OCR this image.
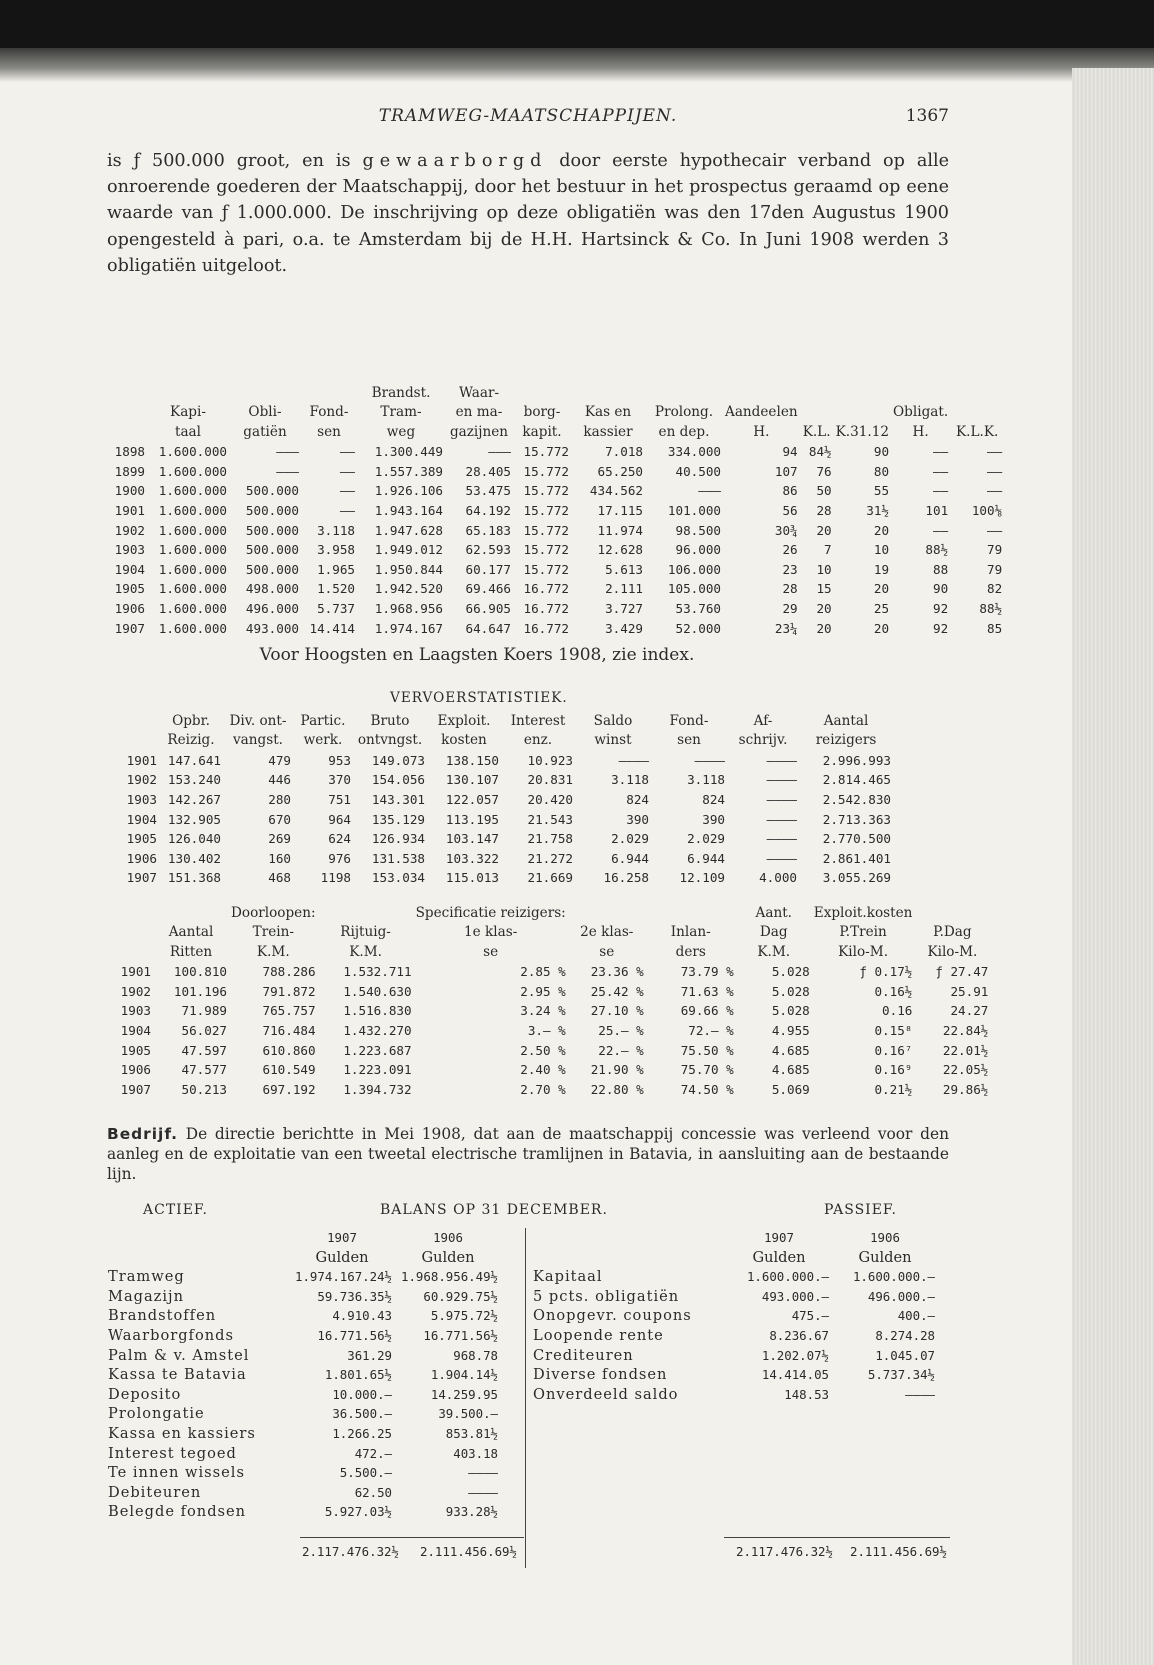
TRAMWEG-MAATSCHAPPIJEN.	1367
is ƒ 500.000 groot, en is gewaarborgd door eerste hypothecair verband op alle onroerende goederen der Maatschappij, door het bestuur in het prospectus geraamd op eene waarde van ƒ 1.000.000. De inschrijving op deze obligatiën was den 17den Augustus 1900 opengesteld à pari, o.a. te Amsterdam bij de H.H. Hartsinck & Co. In Juni 1908 werden 3 obligatiën uitgeloot.
				Brandst.	Waar-								
	Kapi-	Obli-	Fond-	Tram-	en ma-	borg-	Kas en	Prolong.	Aandeelen			Obligat.	
	taal	gatiën	sen	weg	gazijnen	kapit.	kassier	en dep.	H.	K.L.	K.31.12	H.	K.L.K.
1898	1.600.000	———	——	1.300.449	———	15.772	7.018	334.000	94	84½	90	——	——
1899	1.600.000	———	——	1.557.389	28.405	15.772	65.250	40.500	107	76	80	——	——
1900	1.600.000	500.000	——	1.926.106	53.475	15.772	434.562	———	86	50	55	——	——
1901	1.600.000	500.000	——	1.943.164	64.192	15.772	17.115	101.000	56	28	31½	101	100⅛
1902	1.600.000	500.000	3.118	1.947.628	65.183	15.772	11.974	98.500	30¾	20	20	——	——
1903	1.600.000	500.000	3.958	1.949.012	62.593	15.772	12.628	96.000	26	7	10	88½	79
1904	1.600.000	500.000	1.965	1.950.844	60.177	15.772	5.613	106.000	23	10	19	88	79
1905	1.600.000	498.000	1.520	1.942.520	69.466	16.772	2.111	105.000	28	15	20	90	82
1906	1.600.000	496.000	5.737	1.968.956	66.905	16.772	3.727	53.760	29	20	25	92	88½
1907	1.600.000	493.000	14.414	1.974.167	64.647	16.772	3.429	52.000	23¼	20	20	92	85
Voor Hoogsten en Laagsten Koers 1908, zie index.
VERVOERSTATISTIEK.
	Opbr.	Div. ont-	Partic.	Bruto	Exploit.	Interest	Saldo	Fond-	Af-	Aantal
	Reizig.	vangst.	werk.	ontvngst.	kosten	enz.	winst	sen	schrijv.	reizigers
1901	147.641	479	953	149.073	138.150	10.923	————	————	————	2.996.993
1902	153.240	446	370	154.056	130.107	20.831	3.118	3.118	————	2.814.465
1903	142.267	280	751	143.301	122.057	20.420	824	824	————	2.542.830
1904	132.905	670	964	135.129	113.195	21.543	390	390	————	2.713.363
1905	126.040	269	624	126.934	103.147	21.758	2.029	2.029	————	2.770.500
1906	130.402	160	976	131.538	103.322	21.272	6.944	6.944	————	2.861.401
1907	151.368	468	1198	153.034	115.013	21.669	16.258	12.109	4.000	3.055.269
		Doorloopen:		Specificatie reizigers:			Aant.	Exploit.kosten	
	Aantal	Trein-	Rijtuig-	1e klas-	2e klas-	Inlan-	Dag	P.Trein	P.Dag
	Ritten	K.M.	K.M.	se	se	ders	K.M.	Kilo-M.	Kilo-M.
1901	100.810	788.286	1.532.711	2.85 %	23.36 %	73.79 %	5.028	ƒ 0.17½	ƒ 27.47
1902	101.196	791.872	1.540.630	2.95 %	25.42 %	71.63 %	5.028	0.16½	25.91
1903	71.989	765.757	1.516.830	3.24 %	27.10 %	69.66 %	5.028	0.16	24.27
1904	56.027	716.484	1.432.270	3.— %	25.— %	72.— %	4.955	0.15⁸	22.84½
1905	47.597	610.860	1.223.687	2.50 %	22.— %	75.50 %	4.685	0.16⁷	22.01½
1906	47.577	610.549	1.223.091	2.40 %	21.90 %	75.70 %	4.685	0.16⁹	22.05½
1907	50.213	697.192	1.394.732	2.70 %	22.80 %	74.50 %	5.069	0.21½	29.86½
Bedrijf. De directie berichtte in Mei 1908, dat aan de maatschappij concessie was verleend voor den aanleg en de exploitatie van een tweetal electrische tramlijnen in Batavia, in aansluiting aan de bestaande lijn.
ACTIEF.	BALANS OP 31 DECEMBER.	PASSIEF.
	1907	1906
	Gulden	Gulden
Tramweg	1.974.167.24½	1.968.956.49½
Magazijn	59.736.35½	60.929.75½
Brandstoffen	4.910.43	5.975.72½
Waarborgfonds	16.771.56½	16.771.56½
Palm & v. Amstel	361.29	968.78
Kassa te Batavia	1.801.65½	1.904.14½
Deposito	10.000.—	14.259.95
Prolongatie	36.500.—	39.500.—
Kassa en kassiers	1.266.25	853.81½
Interest tegoed	472.—	403.18
Te innen wissels	5.500.—	————
Debiteuren	62.50	————
Belegde fondsen	5.927.03½	933.28½
	1907	1906
	Gulden	Gulden
Kapitaal	1.600.000.—	1.600.000.—
5 pcts. obligatiën	493.000.—	496.000.—
Onopgevr. coupons	475.—	400.—
Loopende rente	8.236.67	8.274.28
Crediteuren	1.202.07½	1.045.07
Diverse fondsen	14.414.05	5.737.34½
Onverdeeld saldo	148.53	————
2.117.476.32½ 2.111.456.69½	2.117.476.32½ 2.111.456.69½
